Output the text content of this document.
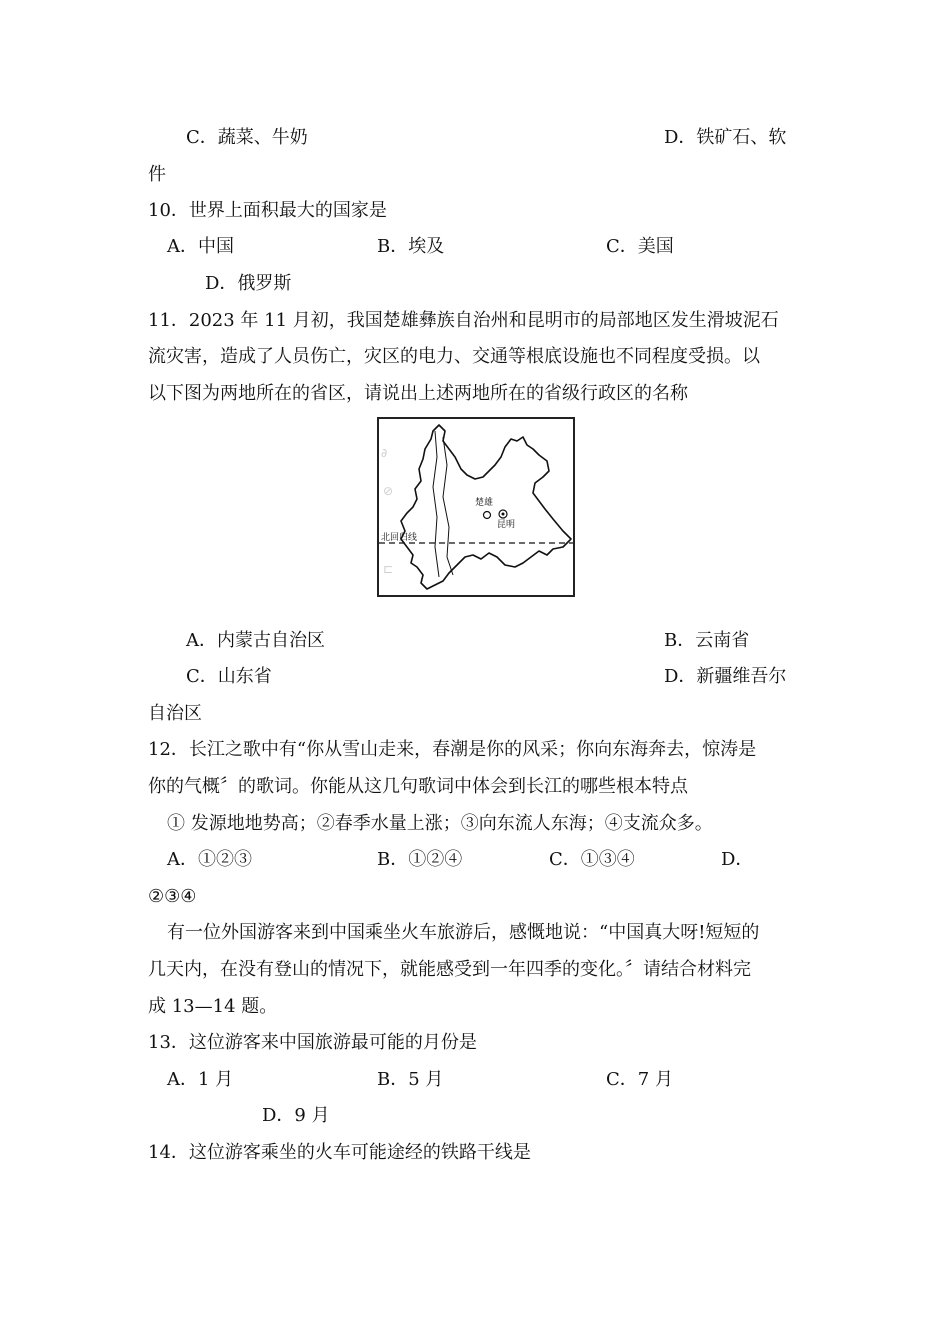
C．蔬菜、牛奶	D．铁矿石、软
件
10．世界上面积最大的国家是
A．中国	B．埃及	C．美国
D．俄罗斯
11．2023 年 11 月初，我国楚雄彝族自治州和昆明市的局部地区发生滑坡泥石
流灾害，造成了人员伤亡，灾区的电力、交通等根底设施也不同程度受损。以
以下图为两地所在的省区，请说出上述两地所在的省级行政区的名称
∂
⊘
⊏
北回归线
楚雄
昆明
A．内蒙古自治区	B．云南省
C．山东省	D．新疆维吾尔
自治区
12．长江之歌中有“你从雪山走来，春潮是你的风采；你向东海奔去，惊涛是
你的气概〞的歌词。你能从这几句歌词中体会到长江的哪些根本特点
① 发源地地势高；②春季水量上涨；③向东流人东海；④支流众多。
A．①②③	B．①②④	C．①③④	D．
②③④
有一位外国游客来到中国乘坐火车旅游后，感慨地说：“中国真大呀!短短的
几天内，在没有登山的情况下，就能感受到一年四季的变化。〞请结合材料完
成 13—14 题。
13．这位游客来中国旅游最可能的月份是
A．1 月	B．5 月	C．7 月
D．9 月
14．这位游客乘坐的火车可能途经的铁路干线是
